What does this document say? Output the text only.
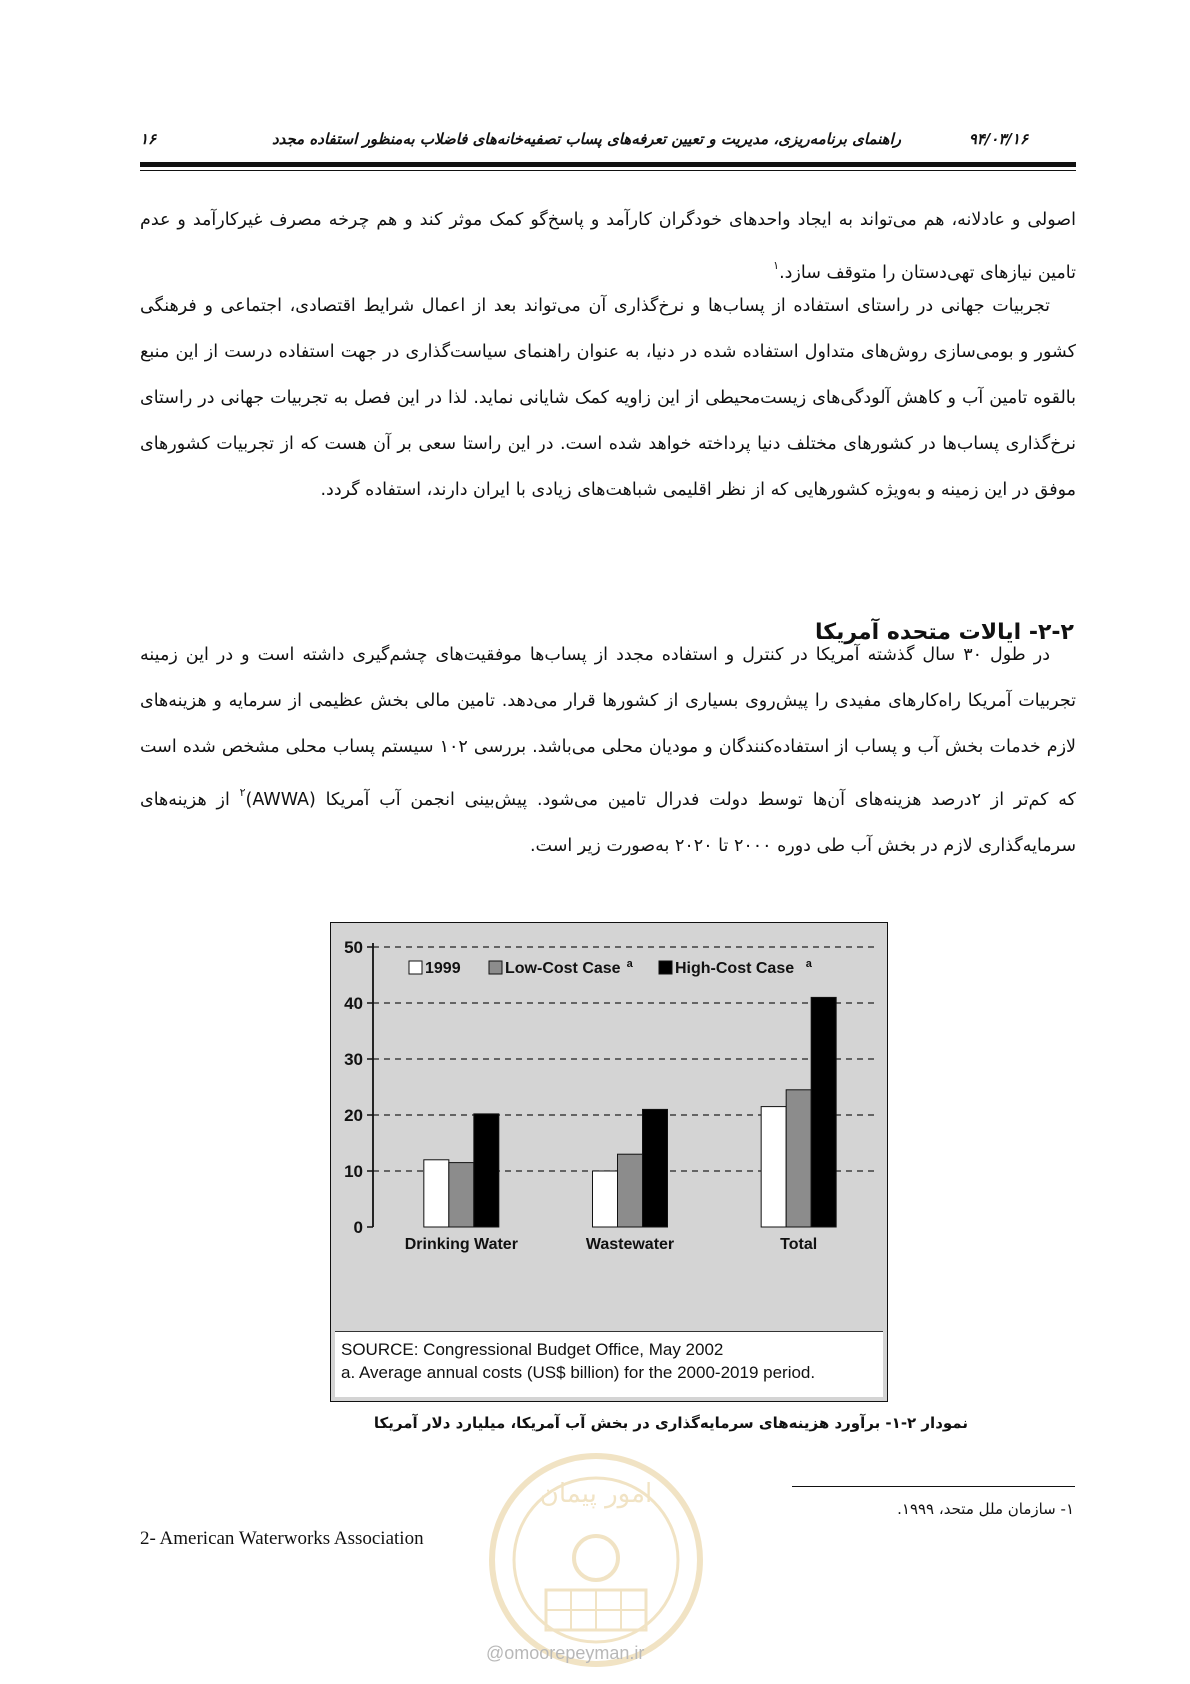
راهنمای برنامه‌ریزی، مدیریت و تعیین تعرفه‌های پساب تصفیه‌خانه‌های فاضلاب به‌منظور استفاده مجدد	۹۴/۰۳/۱۶
۱۶

اصولی و عادلانه، هم می‌تواند به ایجاد واحدهای خودگران کارآمد و پاسخ‌گو کمک موثر کند و هم چرخه مصرف غیرکارآمد و عدم تامین نیازهای تهی‌دستان را متوقف سازد.$^۱$

تجربیات جهانی در راستای استفاده از پساب‌ها و نرخ‌گذاری آن می‌تواند بعد از اعمال شرایط اقتصادی، اجتماعی و فرهنگی کشور و بومی‌سازی روش‌های متداول استفاده شده در دنیا، به عنوان راهنمای سیاست‌گذاری در جهت استفاده درست از این منبع بالقوه تامین آب و کاهش آلودگی‌های زیست‌محیطی از این زاویه کمک شایانی نماید. لذا در این فصل به تجربیات جهانی در راستای نرخ‌گذاری پساب‌ها در کشورهای مختلف دنیا پرداخته خواهد شده است. در این راستا سعی بر آن هست که از تجربیات کشورهای موفق در این زمینه و به‌ویژه کشورهایی که از نظر اقلیمی شباهت‌های زیادی با ایران دارند، استفاده گردد.

۲-۲- ایالات متحده آمریکا

در طول ۳۰ سال گذشته آمریکا در کنترل و استفاده مجدد از پساب‌ها موفقیت‌های چشم‌گیری داشته است و در این زمینه تجربیات آمریکا راه‌کارهای مفیدی را پیش‌روی بسیاری از کشورها قرار می‌دهد. تامین مالی بخش عظیمی از سرمایه و هزینه‌های لازم خدمات بخش آب و پساب از استفاده‌کنندگان و مودیان محلی می‌باشد. بررسی ۱۰۲ سیستم پساب محلی مشخص شده است که کم‌تر از ۲درصد هزینه‌های آن‌ها توسط دولت فدرال تامین می‌شود. پیش‌بینی انجمن آب آمریکا (AWWA)$^۲$ از هزینه‌های سرمایه‌گذاری لازم در بخش آب طی دوره ۲۰۰۰ تا ۲۰۲۰ به‌صورت زیر است.

0
10
20
30
40
50
Drinking Water	Wastewater	Total
1999	Low-Cost Case a	High-Cost Case a
SOURCE: Congressional Budget Office, May 2002
a. Average annual costs (US$ billion) for the 2000-2019 period.

نمودار ۲-۱- برآورد هزینه‌های سرمایه‌گذاری در بخش آب آمریکا، میلیارد دلار آمریکا

امور پیمان	۱- سازمان ملل متحد، ۱۹۹۹.
2- American Waterworks Association
@omoorepeyman.ir
